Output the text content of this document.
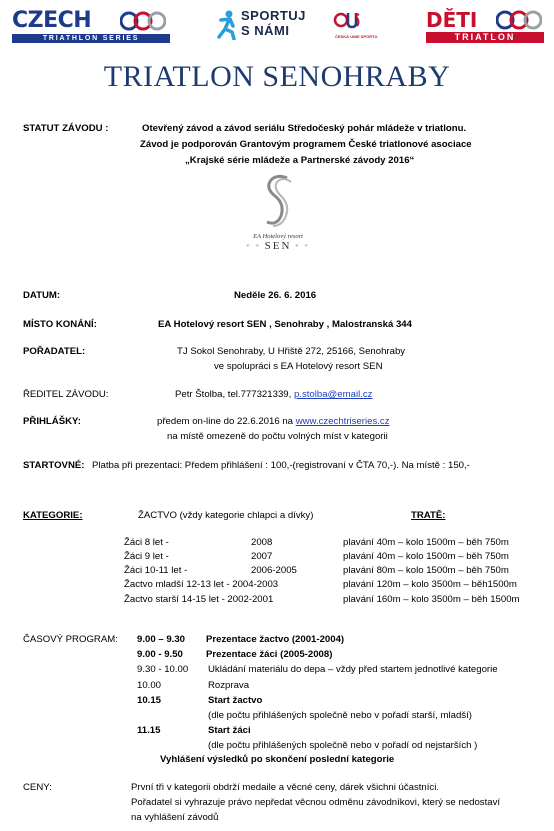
CZECH
TRIATHLON SERIES
SPORTUJ
S NÁMI	ČESKÁ UNIE SPORTU
DĚTI
TRIATLON
TRIATLON SENOHRABY
STATUT ZÁVODU :	Otevřený závod a závod seriálu Středočeský pohár mládeže v triatlonu.
Závod je podporován Grantovým programem České triatlonové asociace
„Krajské série mládeže a Partnerské závody 2016“
EA Hotelový resort
* * SEN * *
DATUM:	Neděle 26. 6. 2016
MÍSTO KONÁNÍ:	EA Hotelový resort SEN , Senohraby , Malostranská 344
POŘADATEL:	TJ Sokol Senohraby, U Hřiště 272, 25166, Senohraby
ve spolupráci s EA Hotelový resort SEN
ŘEDITEL ZÁVODU:	Petr Štolba, tel.777321339, p.stolba@email.cz
PŘIHLÁŠKY:	předem on-line do 22.6.2016 na www.czechtriseries.cz
na místě omezeně do počtu volných míst v kategorii
STARTOVNÉ: Platba při prezentaci: Předem přihlášení : 100,-(registrovaní v ČTA 70,-). Na místě : 150,-
KATEGORIE:	ŽACTVO (vždy kategorie chlapci a dívky)	TRATĚ:
Žáci 8 let -	2008	plavání 40m – kolo 1500m – běh 750m
Žáci 9 let -	2007	plavání 40m – kolo 1500m – běh 750m
Žáci 10-11 let -	2006-2005	plavání 80m – kolo 1500m – běh 750m
Žactvo mladší 12-13 let - 2004-2003	plavání 120m – kolo 3500m – běh1500m
Žactvo starší 14-15 let - 2002-2001	plavání 160m – kolo 3500m – běh 1500m
ČASOVÝ PROGRAM: 9.00 – 9.30 Prezentace žactvo (2001-2004)
9.00 - 9.50 Prezentace žáci (2005-2008)
9.30 - 10.00 Ukládání materiálu do depa – vždy před startem jednotlivé kategorie
10.00	Rozprava
10.15	Start žactvo
(dle počtu přihlášených společně nebo v pořadí starší, mladší)
11.15	Start žáci
(dle počtu přihlášených společně nebo v pořadí od nejstarších )
Vyhlášení výsledků po skončení poslední kategorie
CENY:	První tři v kategorii obdrží medaile a věcné ceny, dárek všichni účastníci.
Pořadatel si vyhrazuje právo nepředat věcnou odměnu závodníkovi, který se nedostaví
na vyhlášení závodů
